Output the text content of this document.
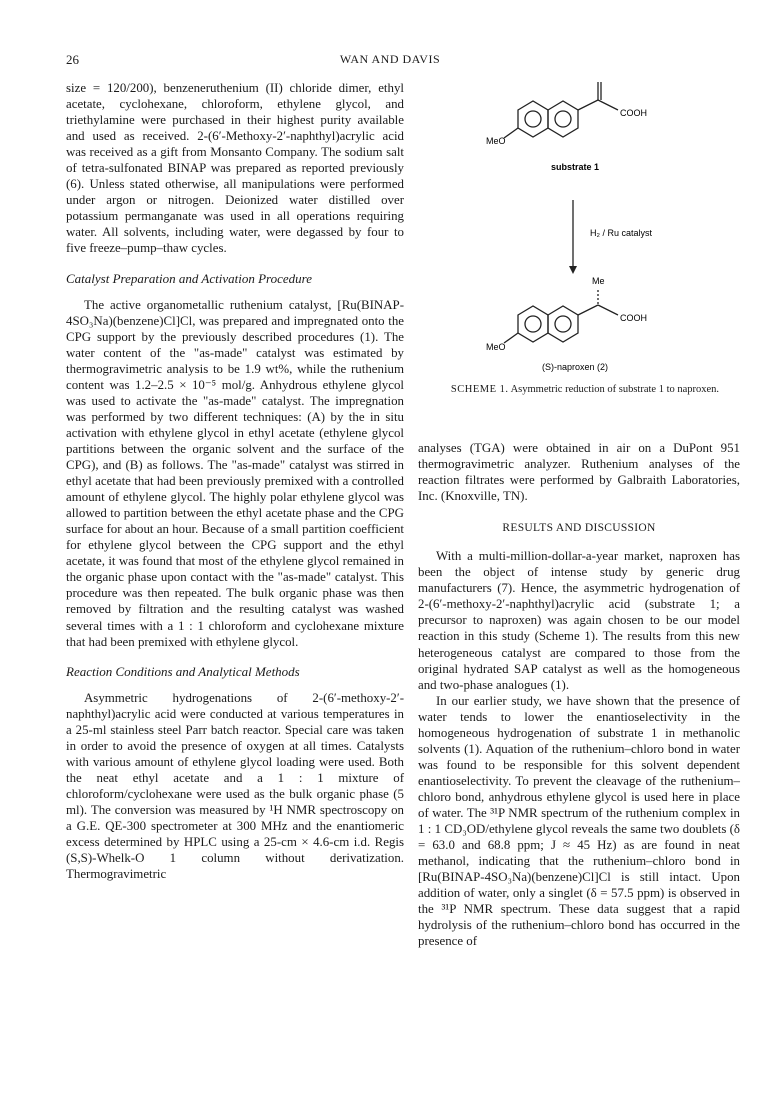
26	WAN AND DAVIS

size = 120/200), benzeneruthenium (II) chloride dimer, ethyl acetate, cyclohexane, chloroform, ethylene glycol, and triethylamine were purchased in their highest purity available and used as received. 2-(6′-Methoxy-2′-naphthyl)acrylic acid was received as a gift from Monsanto Company. The sodium salt of tetra-sulfonated BINAP was prepared as reported previously (6). Unless stated otherwise, all manipulations were performed under argon or nitrogen. Deionized water distilled over potassium permanganate was used in all operations requiring water. All solvents, including water, were degassed by four to five freeze–pump–thaw cycles.

Catalyst Preparation and Activation Procedure

The active organometallic ruthenium catalyst, [Ru(BINAP-4SO₃Na)(benzene)Cl]Cl, was prepared and impregnated onto the CPG support by the previously described procedures (1). The water content of the "as-made" catalyst was estimated by thermogravimetric analysis to be 1.9 wt%, while the ruthenium content was 1.2–2.5 × 10⁻⁵ mol/g. Anhydrous ethylene glycol was used to activate the "as-made" catalyst. The impregnation was performed by two different techniques: (A) by the in situ activation with ethylene glycol in ethyl acetate (ethylene glycol partitions between the organic solvent and the surface of the CPG), and (B) as follows. The "as-made" catalyst was stirred in ethyl acetate that had been previously premixed with a controlled amount of ethylene glycol. The highly polar ethylene glycol was allowed to partition between the ethyl acetate phase and the CPG surface for about an hour. Because of a small partition coefficient for ethylene glycol between the CPG support and the ethyl acetate, it was found that most of the ethylene glycol remained in the organic phase upon contact with the "as-made" catalyst. This procedure was then repeated. The bulk organic phase was then removed by filtration and the resulting catalyst was washed several times with a 1 : 1 chloroform and cyclohexane mixture that had been premixed with ethylene glycol.

Reaction Conditions and Analytical Methods

Asymmetric hydrogenations of 2-(6′-methoxy-2′-naphthyl)acrylic acid were conducted at various temperatures in a 25-ml stainless steel Parr batch reactor. Special care was taken in order to avoid the presence of oxygen at all times. Catalysts with various amount of ethylene glycol loading were used. Both the neat ethyl acetate and a 1 : 1 mixture of chloroform/cyclohexane were used as the bulk organic phase (5 ml). The conversion was measured by ¹H NMR spectroscopy on a G.E. QE-300 spectrometer at 300 MHz and the enantiomeric excess determined by HPLC using a 25-cm × 4.6-cm i.d. Regis (S,S)-Whelk-O 1 column without derivatization. Thermogravimetric

MeO
COOH
substrate 1
H₂ / Ru catalyst
Me
MeO
COOH
(S)-naproxen (2)
SCHEME 1. Asymmetric reduction of substrate 1 to naproxen.

analyses (TGA) were obtained in air on a DuPont 951 thermogravimetric analyzer. Ruthenium analyses of the reaction filtrates were performed by Galbraith Laboratories, Inc. (Knoxville, TN).

RESULTS AND DISCUSSION

With a multi-million-dollar-a-year market, naproxen has been the object of intense study by generic drug manufacturers (7). Hence, the asymmetric hydrogenation of 2-(6′-methoxy-2′-naphthyl)acrylic acid (substrate 1; a precursor to naproxen) was again chosen to be our model reaction in this study (Scheme 1). The results from this new heterogeneous catalyst are compared to those from the original hydrated SAP catalyst as well as the homogeneous and two-phase analogues (1).

In our earlier study, we have shown that the presence of water tends to lower the enantioselectivity in the homogeneous hydrogenation of substrate 1 in methanolic solvents (1). Aquation of the ruthenium–chloro bond in water was found to be responsible for this solvent dependent enantioselectivity. To prevent the cleavage of the ruthenium–chloro bond, anhydrous ethylene glycol is used here in place of water. The ³¹P NMR spectrum of the ruthenium complex in 1 : 1 CD₃OD/ethylene glycol reveals the same two doublets (δ = 63.0 and 68.8 ppm; J ≈ 45 Hz) as are found in neat methanol, indicating that the ruthenium–chloro bond in [Ru(BINAP-4SO₃Na)(benzene)Cl]Cl is still intact. Upon addition of water, only a singlet (δ = 57.5 ppm) is observed in the ³¹P NMR spectrum. These data suggest that a rapid hydrolysis of the ruthenium–chloro bond has occurred in the presence of
